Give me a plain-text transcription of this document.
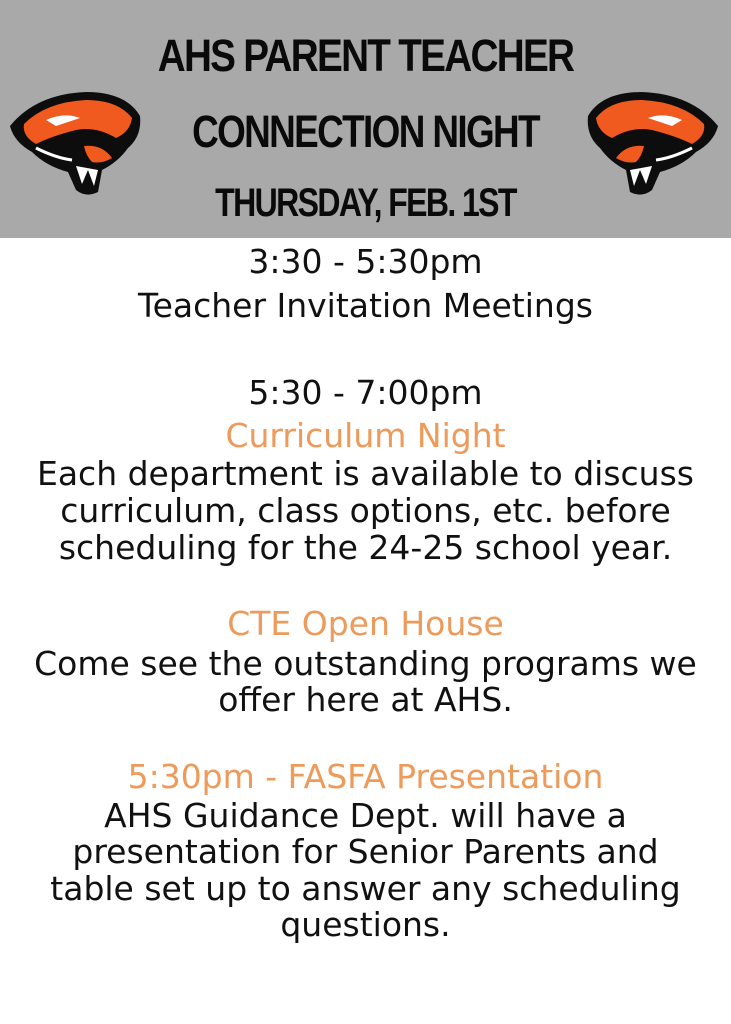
AHS PARENT TEACHER
CONNECTION NIGHT
THURSDAY, FEB. 1ST
3:30 - 5:30pm
Teacher Invitation Meetings
5:30 - 7:00pm
Curriculum Night
Each department is available to discuss
curriculum, class options, etc. before
scheduling for the 24-25 school year.
CTE Open House
Come see the outstanding programs we
offer here at AHS.
5:30pm - FASFA Presentation
AHS Guidance Dept. will have a
presentation for Senior Parents and
table set up to answer any scheduling
questions.
